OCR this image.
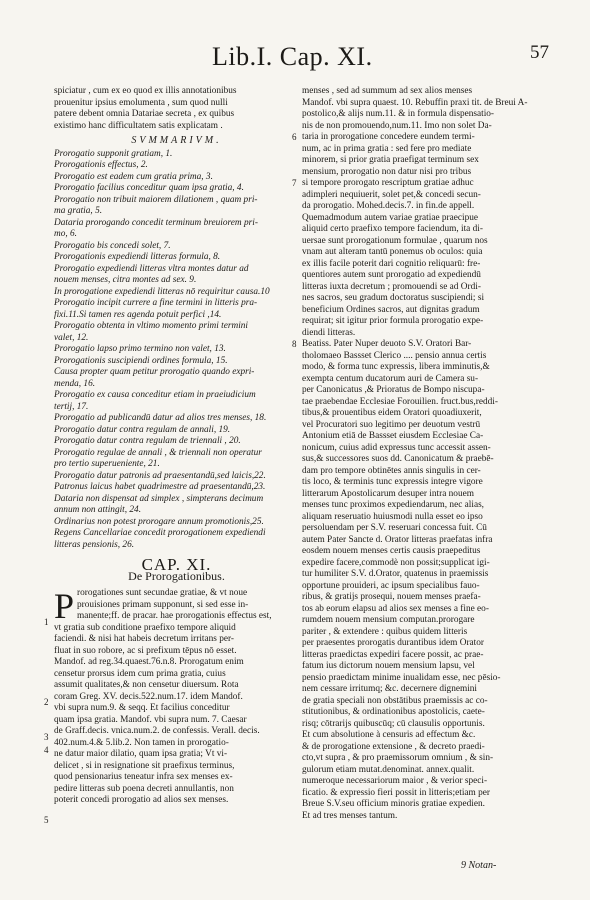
Lib.I. Cap. XI.	57
spiciatur , cum ex eo quod ex illis annotationibus
prouenitur ipsius emolumenta , sum quod nulli
patere debent omnia Datariae secreta , ex quibus
existimo hanc difficultatem satis explicatam .
SVMMARIVM.
Prorogatio supponit gratiam, 1.
Prorogationis effectus, 2.
Prorogatio est eadem cum gratia prima, 3.
Prorogatio facilius conceditur quam ipsa gratia, 4.
Prorogatio non tribuit maiorem dilationem , quam pri-
ma gratia, 5.
Dataria prorogando concedit terminum breuiorem pri-
mo, 6.
Prorogatio bis concedi solet, 7.
Prorogationis expediendi litteras formula, 8.
Prorogatio expediendi litteras vltra montes datur ad
nouem menses, citra montes ad sex. 9.
In prorogatione expediendi litteras nō requiritur causa.10
Prorogatio incipit currere a fine termini in litteris pra-
fixi.11.Si tamen res agenda potuit perfici ,14.
Prorogatio obtenta in vltimo momento primi termini
valet, 12.
Prorogatio lapso primo termino non valet, 13.
Prorogationis suscipiendi ordines formula, 15.
Causa propter quam petitur prorogatio quando expri-
menda, 16.
Prorogatio ex causa conceditur etiam in praeiudicium
tertij, 17.
Prorogatio ad publicandū datur ad alios tres menses, 18.
Prorogatio datur contra regulam de annali, 19.
Prorogatio datur contra regulam de triennali , 20.
Prorogatio regulae de annali , & triennali non operatur
pro tertio superueniente, 21.
Prorogatio datur patronis ad praesentandū,sed laicis,22.
Patronus laicus habet quadrimestre ad praesentandū,23.
Dataria non dispensat ad simplex , simpterans decimum
annum non attingit, 24.
Ordinarius non potest prorogare annum promotionis,25.
Regens Cancellariae concedit prorogationem expediendi
litteras pensionis, 26.
CAP. XI.
De Prorogationibus.
P rorogationes sunt secundae gratiae, & vt noue
prouisiones primam supponunt, si sed esse in-
manente;ff. de pracar. hae prorogationis effectus est,
vt gratia sub conditione praefixo tempore aliquid
faciendi. & nisi hat habeis decretum irritans per-
fluat in suo robore, ac si prefixum tēpus nō esset.
Mandof. ad reg.34.quaest.76.n.8. Prorogatum enim
censetur prorsus idem cum prima gratia, cuius
assumit qualitates,& non censetur diuersum. Rota
coram Greg. XV. decis.522.num.17. idem Mandof.
vbi supra num.9. & seqq. Et facilius conceditur
quam ipsa gratia. Mandof. vbi supra num. 7. Caesar
de Graff.decis. vnica.num.2. de confessis. Verall. decis.
402.num.4.& 5.lib.2. Non tamen in prorogatio-
ne datur maior dilatio, quam ipsa gratia; Vt vi-
delicet , si in resignatione sit praefixus terminus,
quod pensionarius teneatur infra sex menses ex-
pedire litteras sub poena decreti annullantis, non
poterit concedi prorogatio ad alios sex menses.
1
2
3
4
5
menses , sed ad summum ad sex alios menses
Mandof. vbi supra quaest. 10. Rebuffin praxi tit. de Breui A-
postolico,& alijs num.11. & in formula dispensatio-
nis de non promouendo,num.11. Imo non solet Da-
taria in prorogatione concedere eundem termi-
num, ac in prima gratia : sed fere pro mediate
minorem, si prior gratia praefigat terminum sex
mensium, prorogatio non datur nisi pro tribus
si tempore prorogato rescriptum gratiae adhuc
adimpleri nequiuerit, solet pet,& concedi secun-
da prorogatio. Mohed.decis.7. in fin.de appell.
Quemadmodum autem variae gratiae praecipue
aliquid certo praefixo tempore faciendum, ita di-
uersae sunt prorogationum formulae , quarum nos
vnam aut alteram tantū ponemus ob oculos: quia
ex illis facile poterit dari cognitio reliquarū: fre-
quentiores autem sunt prorogatio ad expediendū
litteras iuxta decretum ; promouendi se ad Ordi-
nes sacros, seu gradum doctoratus suscipiendi; si
beneficium Ordines sacros, aut dignitas gradum
requirat; sit igitur prior formula prorogatio expe-
diendi litteras.
Beatiss. Pater Nuper deuoto S.V. Oratori Bar-
tholomaeo Bassset Clerico .... pensio annua certis
modo, & forma tunc expressis, libera imminutis,&
exempta centum ducatorum auri de Camera su-
per Canonicatus ,& Prioratus de Bompo niscupa-
tae praebendae Ecclesiae Forouilien. fruct.bus,reddi-
tibus,& prouentibus eidem Oratori quoadiuxerit,
vel Procuratori suo legitimo per deuotum vestrū
Antonium etiā de Bassset eiusdem Ecclesiae Ca-
nonicum, cuius adid expressus tunc accessit assen-
sus,& successores suos dd. Canonicatum & praebē-
dam pro tempore obtinētes annis singulis in cer-
tis loco, & terminis tunc expressis integre vigore
litterarum Apostolicarum desuper intra nouem
menses tunc proximos expediendarum, nec alias,
aliquam reseruatio huiusmodi nulla esset eo ipso
persoluendam per S.V. reseruari concessa fuit. Cū
autem Pater Sancte d. Orator litteras praefatas infra
eosdem nouem menses certis causis praepeditus
expedire facere,commodè non possit;supplicat igi-
tur humiliter S.V. d.Orator, quatenus in praemissis
opportune prouideri, ac ipsum specialibus fauo-
ribus, & gratijs prosequi, nouem menses praefa-
tos ab eorum elapsu ad alios sex menses a fine eo-
rumdem nouem mensium computan.prorogare
pariter , & extendere : quibus quidem litteris
per praesentes prorogatis durantibus idem Orator
litteras praedictas expediri facere possit, ac prae-
fatum ius dictorum nouem mensium lapsu, vel
pensio praedictam minime inualidam esse, nec pēsio-
nem cessare irritumq; &c. decernere dignemini
de gratia speciali non obstātibus praemissis ac co-
stitutionibus, & ordinationibus apostolicis, caete-
risq; cōtrarijs quibuscūq; cū clausulis opportunis.
Et cum absolutione à censuris ad effectum &c.
& de prorogatione extensione , & decreto praedi-
cto,vt supra , & pro praemissorum omnium , & sin-
gulorum etiam mutat.denominat. annex.qualit.
numeroque necessariorum maior , & verior speci-
ficatio. & expressio fieri possit in litteris;etiam per
Breue S.V.seu officium minoris gratiae expedien.
Et ad tres menses tantum.
6
7
8
9 Notan-
